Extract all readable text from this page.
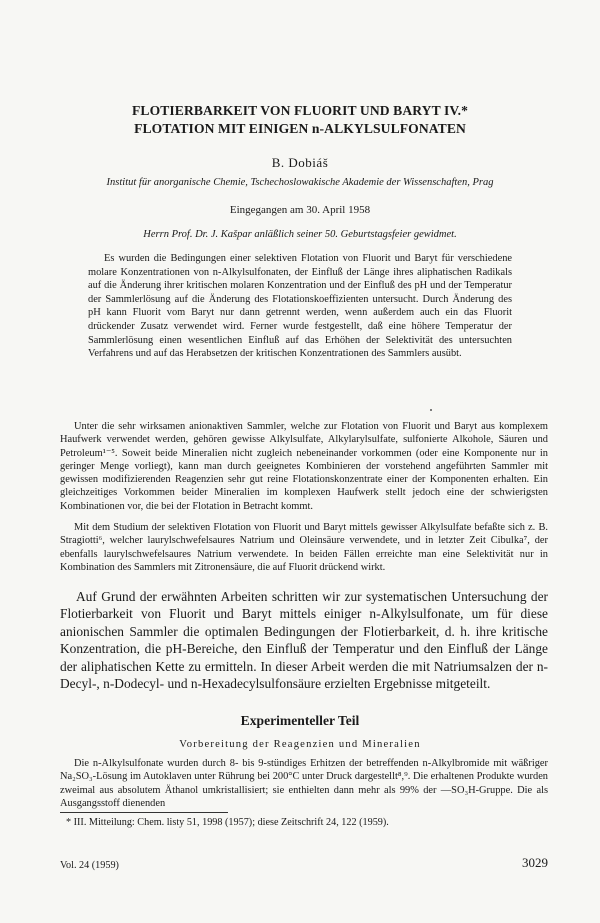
FLOTIERBARKEIT VON FLUORIT UND BARYT IV.*
FLOTATION MIT EINIGEN n-ALKYLSULFONATEN
B. Dobiáš
Institut für anorganische Chemie, Tschechoslowakische Akademie der Wissenschaften, Prag
Eingegangen am 30. April 1958
Herrn Prof. Dr. J. Kašpar anläßlich seiner 50. Geburtstagsfeier gewidmet.

Es wurden die Bedingungen einer selektiven Flotation von Fluorit und Baryt für verschiedene molare Konzentrationen von n-Alkylsulfonaten, der Einfluß der Länge ihres aliphatischen Radikals auf die Änderung ihrer kritischen molaren Konzentration und der Einfluß des pH und der Temperatur der Sammlerlösung auf die Änderung des Flotationskoeffizienten untersucht. Durch Änderung des pH kann Fluorit vom Baryt nur dann getrennt werden, wenn außerdem auch ein das Fluorit drückender Zusatz verwendet wird. Ferner wurde festgestellt, daß eine höhere Temperatur der Sammlerlösung einen wesentlichen Einfluß auf das Erhöhen der Selektivität des untersuchten Verfahrens und auf das Herabsetzen der kritischen Konzentrationen des Sammlers ausübt.

Unter die sehr wirksamen anionaktiven Sammler, welche zur Flotation von Fluorit und Baryt aus komplexem Haufwerk verwendet werden, gehören gewisse Alkylsulfate, Alkylarylsulfate, sulfonierte Alkohole, Säuren und Petroleum¹⁻⁵. Soweit beide Mineralien nicht zugleich nebeneinander vorkommen (oder eine Komponente nur in geringer Menge vorliegt), kann man durch geeignetes Kombinieren der vorstehend angeführten Sammler mit gewissen modifizierenden Reagenzien sehr gut reine Flotationskonzentrate einer der Komponenten erhalten. Ein gleichzeitiges Vorkommen beider Mineralien im komplexen Haufwerk stellt jedoch eine der schwierigsten Kombinationen vor, die bei der Flotation in Betracht kommt.

Mit dem Studium der selektiven Flotation von Fluorit und Baryt mittels gewisser Alkylsulfate befaßte sich z. B. Stragiotti⁶, welcher laurylschwefelsaures Natrium und Oleinsäure verwendete, und in letzter Zeit Cibulka⁷, der ebenfalls laurylschwefelsaures Natrium verwendete. In beiden Fällen erreichte man eine Selektivität nur in Kombination des Sammlers mit Zitronensäure, die auf Fluorit drückend wirkt.

Auf Grund der erwähnten Arbeiten schritten wir zur systematischen Untersuchung der Flotierbarkeit von Fluorit und Baryt mittels einiger n-Alkylsulfonate, um für diese anionischen Sammler die optimalen Bedingungen der Flotierbarkeit, d. h. ihre kritische Konzentration, die pH-Bereiche, den Einfluß der Temperatur und den Einfluß der Länge der aliphatischen Kette zu ermitteln. In dieser Arbeit werden die mit Natriumsalzen der n-Decyl-, n-Dodecyl- und n-Hexadecylsulfonsäure erzielten Ergebnisse mitgeteilt.

Experimenteller Teil
Vorbereitung der Reagenzien und Mineralien

Die n-Alkylsulfonate wurden durch 8- bis 9-stündiges Erhitzen der betreffenden n-Alkylbromide mit wäßriger Na₂SO₃-Lösung im Autoklaven unter Rührung bei 200°C unter Druck dargestellt⁸,⁹. Die erhaltenen Produkte wurden zweimal aus absolutem Äthanol umkristallisiert; sie enthielten dann mehr als 99% der —SO₃H-Gruppe. Die als Ausgangsstoff dienenden

* III. Mitteilung: Chem. listy 51, 1998 (1957); diese Zeitschrift 24, 122 (1959).

Vol. 24 (1959)	3029
